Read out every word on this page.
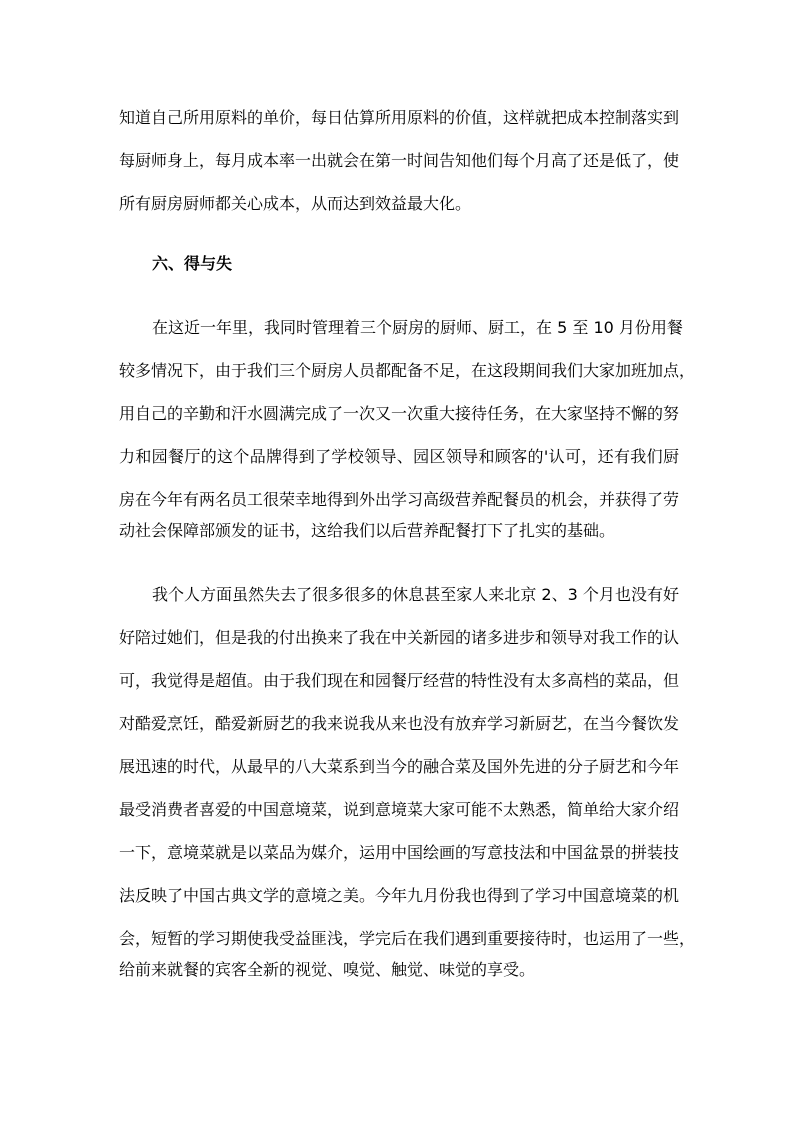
知道自己所用原料的单价，每日估算所用原料的价值，这样就把成本控制落实到
每厨师身上，每月成本率一出就会在第一时间告知他们每个月高了还是低了，使
所有厨房厨师都关心成本，从而达到效益最大化。
六、得与失
在这近一年里，我同时管理着三个厨房的厨师、厨工，在 5 至 10 月份用餐
较多情况下，由于我们三个厨房人员都配备不足，在这段期间我们大家加班加点，
用自己的辛勤和汗水圆满完成了一次又一次重大接待任务，在大家坚持不懈的努
力和园餐厅的这个品牌得到了学校领导、园区领导和顾客的'认可，还有我们厨
房在今年有两名员工很荣幸地得到外出学习高级营养配餐员的机会，并获得了劳
动社会保障部颁发的证书，这给我们以后营养配餐打下了扎实的基础。
我个人方面虽然失去了很多很多的休息甚至家人来北京 2、3 个月也没有好
好陪过她们，但是我的付出换来了我在中关新园的诸多进步和领导对我工作的认
可，我觉得是超值。由于我们现在和园餐厅经营的特性没有太多高档的菜品，但
对酷爱烹饪，酷爱新厨艺的我来说我从来也没有放弃学习新厨艺，在当今餐饮发
展迅速的时代，从最早的八大菜系到当今的融合菜及国外先进的分子厨艺和今年
最受消费者喜爱的中国意境菜，说到意境菜大家可能不太熟悉，简单给大家介绍
一下，意境菜就是以菜品为媒介，运用中国绘画的写意技法和中国盆景的拼装技
法反映了中国古典文学的意境之美。今年九月份我也得到了学习中国意境菜的机
会，短暂的学习期使我受益匪浅，学完后在我们遇到重要接待时，也运用了一些，
给前来就餐的宾客全新的视觉、嗅觉、触觉、味觉的享受。
